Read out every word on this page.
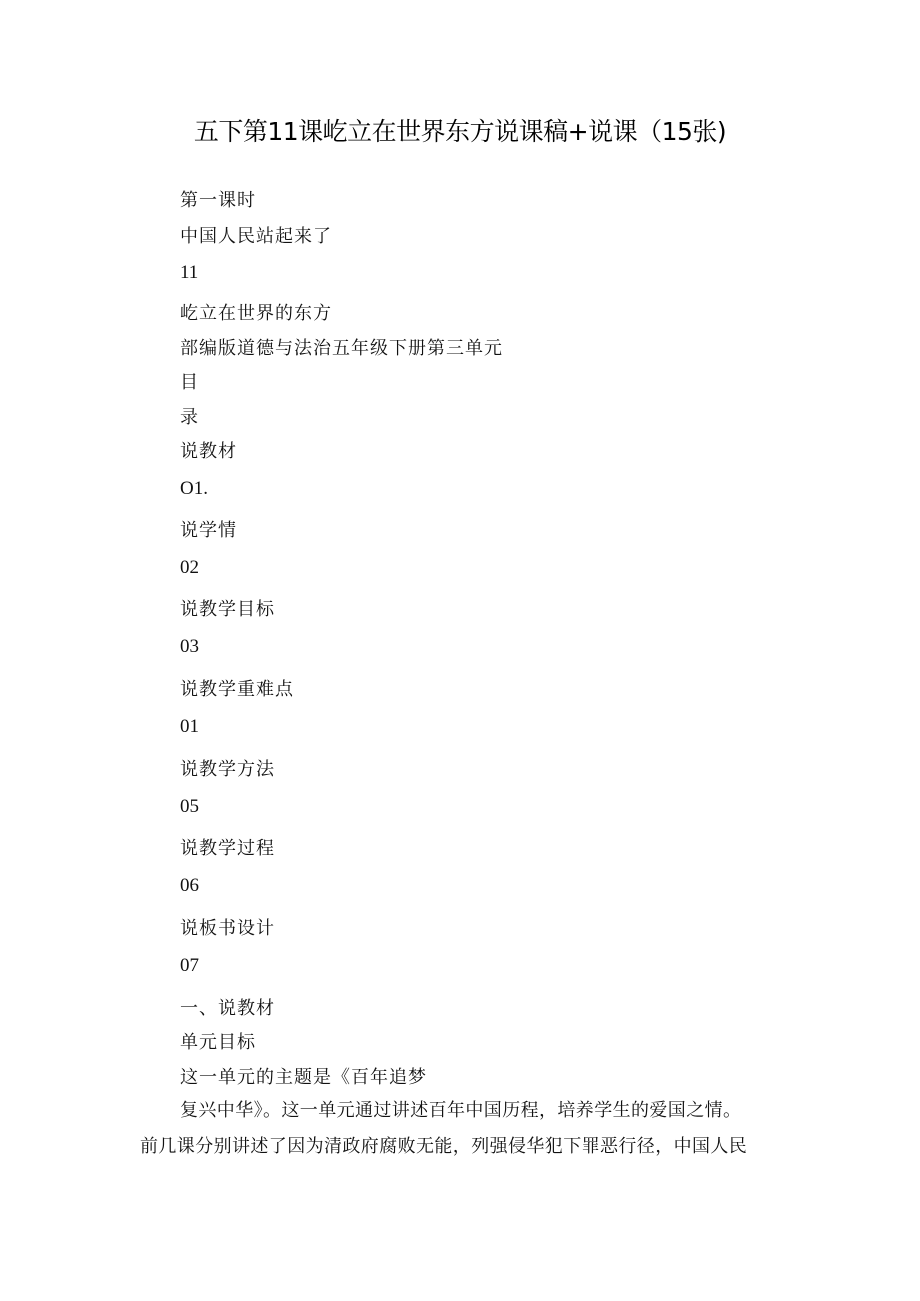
五下第11课屹立在世界东方说课稿+说课（15张)
第一课时
中国人民站起来了
11
屹立在世界的东方
部编版道德与法治五年级下册第三单元
目
录
说教材
O1.
说学情
02
说教学目标
03
说教学重难点
01
说教学方法
05
说教学过程
06
说板书设计
07
一、说教材
单元目标
这一单元的主题是《百年追梦
复兴中华》。这一单元通过讲述百年中国历程，培养学生的爱国之情。
前几课分别讲述了因为清政府腐败无能，列强侵华犯下罪恶行径，中国人民
